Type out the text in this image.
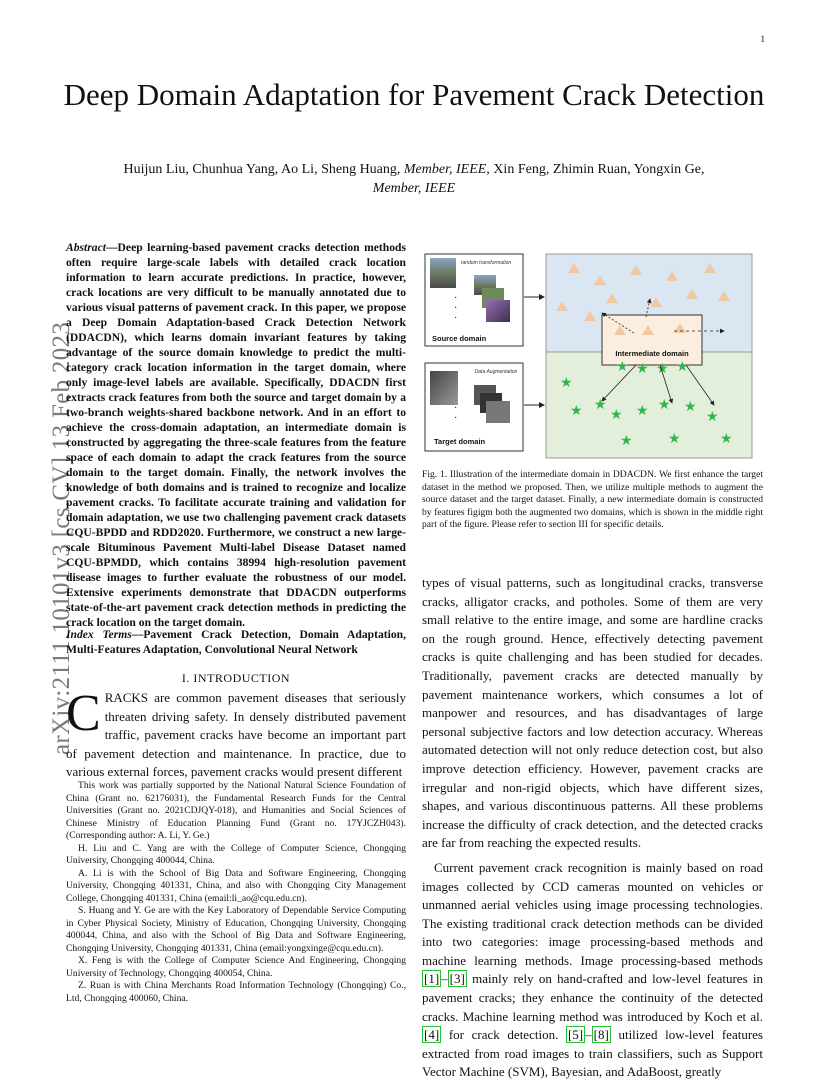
1
arXiv:2111.10101v3 [cs.CV] 13 Feb 2023
Deep Domain Adaptation for Pavement Crack Detection
Huijun Liu, Chunhua Yang, Ao Li, Sheng Huang, Member, IEEE, Xin Feng, Zhimin Ruan, Yongxin Ge, Member, IEEE
Abstract—Deep learning-based pavement cracks detection methods often require large-scale labels with detailed crack location information to learn accurate predictions. In practice, however, crack locations are very difficult to be manually annotated due to various visual patterns of pavement crack. In this paper, we propose a Deep Domain Adaptation-based Crack Detection Network (DDACDN), which learns domain invariant features by taking advantage of the source domain knowledge to predict the multi-category crack location information in the target domain, where only image-level labels are available. Specifically, DDACDN first extracts crack features from both the source and target domain by a two-branch weights-shared backbone network. And in an effort to achieve the cross-domain adaptation, an intermediate domain is constructed by aggregating the three-scale features from the feature space of each domain to adapt the crack features from the source domain to the target domain. Finally, the network involves the knowledge of both domains and is trained to recognize and localize pavement cracks. To facilitate accurate training and validation for domain adaptation, we use two challenging pavement crack datasets CQU-BPDD and RDD2020. Furthermore, we construct a new large-scale Bituminous Pavement Multi-label Disease Dataset named CQU-BPMDD, which contains 38994 high-resolution pavement disease images to further evaluate the robustness of our model. Extensive experiments demonstrate that DDACDN outperforms state-of-the-art pavement crack detection methods in predicting the crack location on the target domain.
Index Terms—Pavement Crack Detection, Domain Adaptation, Multi-Features Adaptation, Convolutional Neural Network
I. INTRODUCTION
CRACKS are common pavement diseases that seriously threaten driving safety. In densely distributed pavement traffic, pavement cracks have become an important part of pavement detection and maintenance. In practice, due to various external forces, pavement cracks would present different

This work was partially supported by the National Natural Science Foundation of China (Grant no. 62176031), the Fundamental Research Funds for the Central Universities (Grant no. 2021CDJQY-018), and Humanities and Social Sciences of Chinese Ministry of Education Planning Fund (Grant no. 17YJCZH043). (Corresponding author: A. Li, Y. Ge.)

H. Liu and C. Yang are with the College of Computer Science, Chongqing University, Chongqing 400044, China.

A. Li is with the School of Big Data and Software Engineering, Chongqing University, Chongqing 401331, China, and also with Chongqing City Management College, Chongqing 401331, China (email:li_ao@cqu.edu.cn).

S. Huang and Y. Ge are with the Key Laboratory of Dependable Service Computing in Cyber Physical Society, Ministry of Education, Chongqing University, Chongqing 400044, China, and also with the School of Big Data and Software Engineering, Chongqing University, Chongqing 401331, China (email:yongxinge@cqu.edu.cn).

X. Feng is with the College of Computer Science And Engineering, Chongqing University of Technology, Chongqing 400054, China.

Z. Ruan is with China Merchants Road Information Technology (Chongqing) Co., Ltd, Chongqing 400060, China.

random transformation
·
·
·
Source domain
Data Augmentation
·
·
Target domain
Intermediate domain
★
★ ★
★ ★ ★ ★
★
★	★	★
★ ★ ★ ★
Fig. 1. Illustration of the intermediate domain in DDACDN. We first enhance the target dataset in the method we proposed. Then, we utilize multiple methods to augment the source dataset and the target dataset. Finally, a new intermediate domain is constructed by features figigm both the augmented two domains, which is shown in the middle right part of the figure. Please refer to section III for specific details.

types of visual patterns, such as longitudinal cracks, transverse cracks, alligator cracks, and potholes. Some of them are very small relative to the entire image, and some are hardline cracks on the rough ground. Hence, effectively detecting pavement cracks is quite challenging and has been studied for decades. Traditionally, pavement cracks are detected manually by pavement maintenance workers, which consumes a lot of manpower and resources, and has disadvantages of large personal subjective factors and low detection accuracy. Whereas automated detection will not only reduce detection cost, but also improve detection efficiency. However, pavement cracks are irregular and non-rigid objects, which have different sizes, shapes, and various discontinuous patterns. All these problems increase the difficulty of crack detection, and the detected cracks are far from reaching the expected results.

Current pavement crack recognition is mainly based on road images collected by CCD cameras mounted on vehicles or unmanned aerial vehicles using image processing technologies. The existing traditional crack detection methods can be divided into two categories: image processing-based methods and machine learning methods. Image processing-based methods [1] – [3] mainly rely on hand-crafted and low-level features in pavement cracks; they enhance the continuity of the detected cracks. Machine learning method was introduced by Koch et al. [4] for crack detection. [5] – [8] utilized low-level features extracted from road images to train classifiers, such as Support Vector Machine (SVM), Bayesian, and AdaBoost, greatly
